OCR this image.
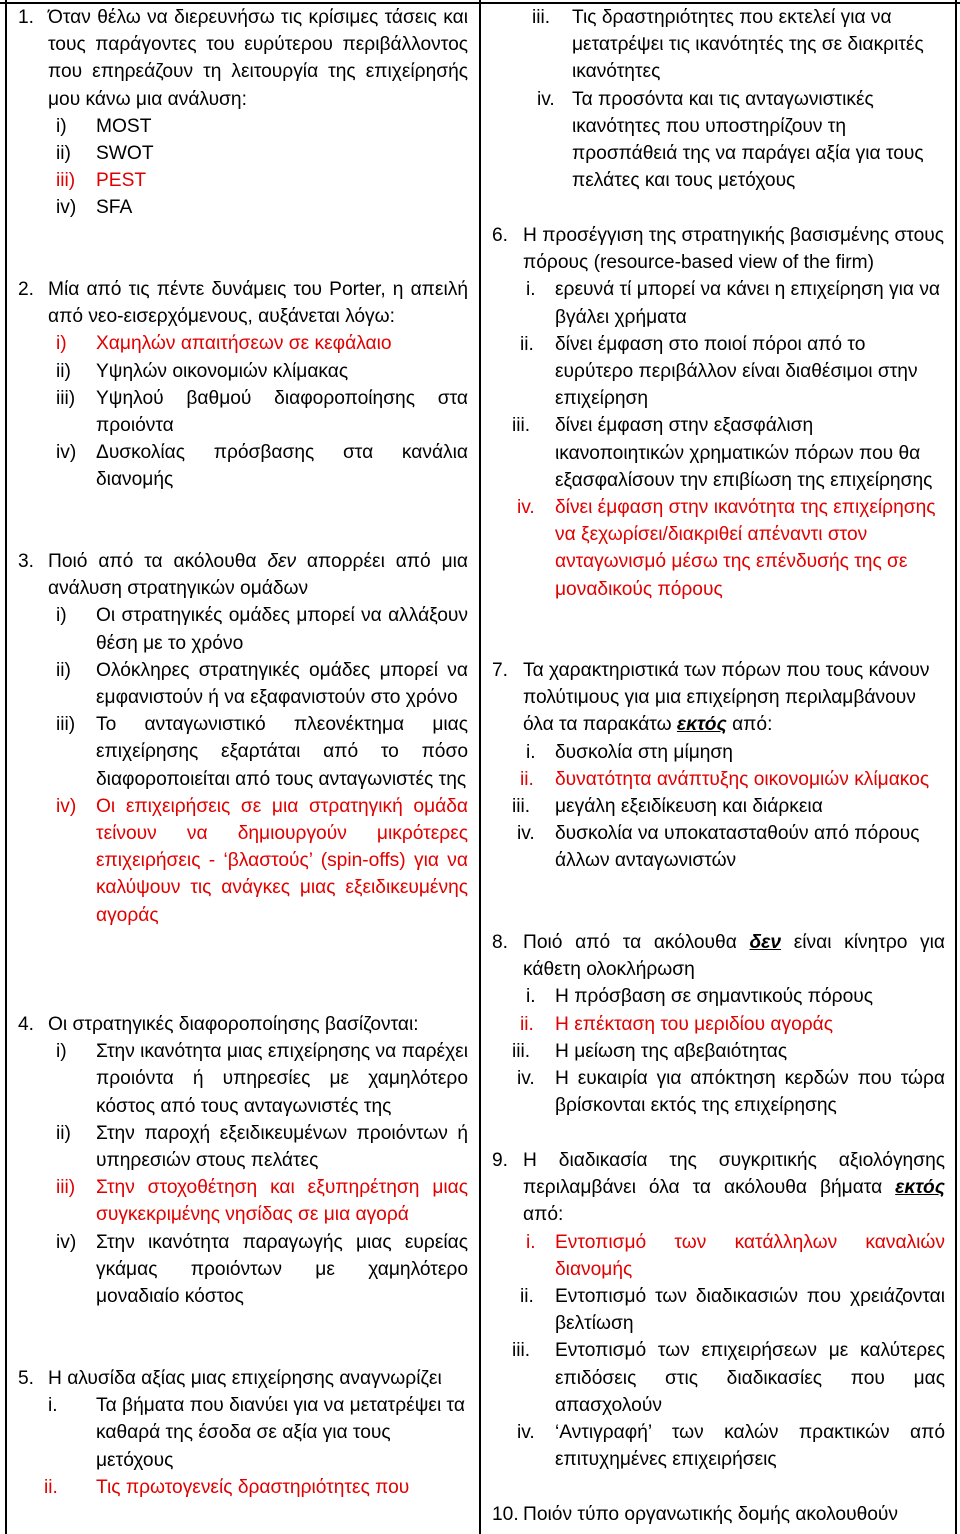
1. Όταν θέλω να διερευνήσω τις κρίσιμες τάσεις και τους παράγοντες του ευρύτερου περιβάλλοντος που επηρεάζουν τη λειτουργία της επιχείρησής μου κάνω μια ανάλυση:
i) MOST
ii) SWOT
iii) PEST
iv) SFA
2. Μία από τις πέντε δυνάμεις του Porter, η απειλή από νεο-εισερχόμενους, αυξάνεται λόγω:
i) Χαμηλών απαιτήσεων σε κεφάλαιο
ii) Υψηλών οικονομιών κλίμακας
iii) Υψηλού βαθμού διαφοροποίησης στα προιόντα
iv) Δυσκολίας πρόσβασης στα κανάλια διανομής
3. Ποιό από τα ακόλουθα δεν απορρέει από μια ανάλυση στρατηγικών ομάδων
i) Οι στρατηγικές ομάδες μπορεί να αλλάξουν θέση με το χρόνο
ii) Ολόκληρες στρατηγικές ομάδες μπορεί να εμφανιστούν ή να εξαφανιστούν στο χρόνο
iii) Το ανταγωνιστικό πλεονέκτημα μιας επιχείρησης εξαρτάται από το πόσο διαφοροποιείται από τους ανταγωνιστές της
iv) Οι επιχειρήσεις σε μια στρατηγική ομάδα τείνουν να δημιουργούν μικρότερες επιχειρήσεις - ‘βλαστούς’ (spin-offs) για να καλύψουν τις ανάγκες μιας εξειδικευμένης αγοράς
4. Οι στρατηγικές διαφοροποίησης βασίζονται:
i) Στην ικανότητα μιας επιχείρησης να παρέχει προιόντα ή υπηρεσίες με χαμηλότερο κόστος από τους ανταγωνιστές της
ii) Στην παροχή εξειδικευμένων προιόντων ή υπηρεσιών στους πελάτες
iii) Στην στοχοθέτηση και εξυπηρέτηση μιας συγκεκριμένης νησίδας σε μια αγορά
iv) Στην ικανότητα παραγωγής μιας ευρείας γκάμας προιόντων με χαμηλότερο μοναδιαίο κόστος
5. Η αλυσίδα αξίας μιας επιχείρησης αναγνωρίζει
i. Τα βήματα που διανύει για να μετατρέψει τα καθαρά της έσοδα σε αξία για τους μετόχους
ii. Τις πρωτογενείς δραστηριότητες που
iii. Τις δραστηριότητες που εκτελεί για να μετατρέψει τις ικανότητές της σε διακριτές ικανότητες
iv. Τα προσόντα και τις ανταγωνιστικές ικανότητες που υποστηρίζουν τη προσπάθειά της να παράγει αξία για τους πελάτες και τους μετόχους
6. Η προσέγγιση της στρατηγικής βασισμένης στους πόρους (resource-based view of the firm)
i. ερευνά τί μπορεί να κάνει η επιχείρηση για να βγάλει χρήματα
ii. δίνει έμφαση στο ποιοί πόροι από το ευρύτερο περιβάλλον είναι διαθέσιμοι στην επιχείρηση
iii. δίνει έμφαση στην εξασφάλιση ικανοποιητικών χρηματικών πόρων που θα εξασφαλίσουν την επιβίωση της επιχείρησης
iv. δίνει έμφαση στην ικανότητα της επιχείρησης να ξεχωρίσει/διακριθεί απέναντι στον ανταγωνισμό μέσω της επένδυσής της σε μοναδικούς πόρους
7. Τα χαρακτηριστικά των πόρων που τους κάνουν πολύτιμους για μια επιχείρηση περιλαμβάνουν όλα τα παρακάτω εκτός από:
i. δυσκολία στη μίμηση
ii. δυνατότητα ανάπτυξης οικονομιών κλίμακος
iii. μεγάλη εξειδίκευση και διάρκεια
iv. δυσκολία να υποκατασταθούν από πόρους άλλων ανταγωνιστών
8. Ποιό από τα ακόλουθα δεν είναι κίνητρο για κάθετη ολοκλήρωση
i. Η πρόσβαση σε σημαντικούς πόρους
ii. Η επέκταση του μεριδίου αγοράς
iii. Η μείωση της αβεβαιότητας
iv. Η ευκαιρία για απόκτηση κερδών που τώρα βρίσκονται εκτός της επιχείρησης
9. Η διαδικασία της συγκριτικής αξιολόγησης περιλαμβάνει όλα τα ακόλουθα βήματα εκτός από:
i. Εντοπισμό των κατάλληλων καναλιών διανομής
ii. Εντοπισμό των διαδικασιών που χρειάζονται βελτίωση
iii. Εντοπισμό των επιχειρήσεων με καλύτερες επιδόσεις στις διαδικασίες που μας απασχολούν
iv. ‘Αντιγραφή’ των καλών πρακτικών από επιτυχημένες επιχειρήσεις
10. Ποιόν τύπο οργανωτικής δομής ακολουθούν
